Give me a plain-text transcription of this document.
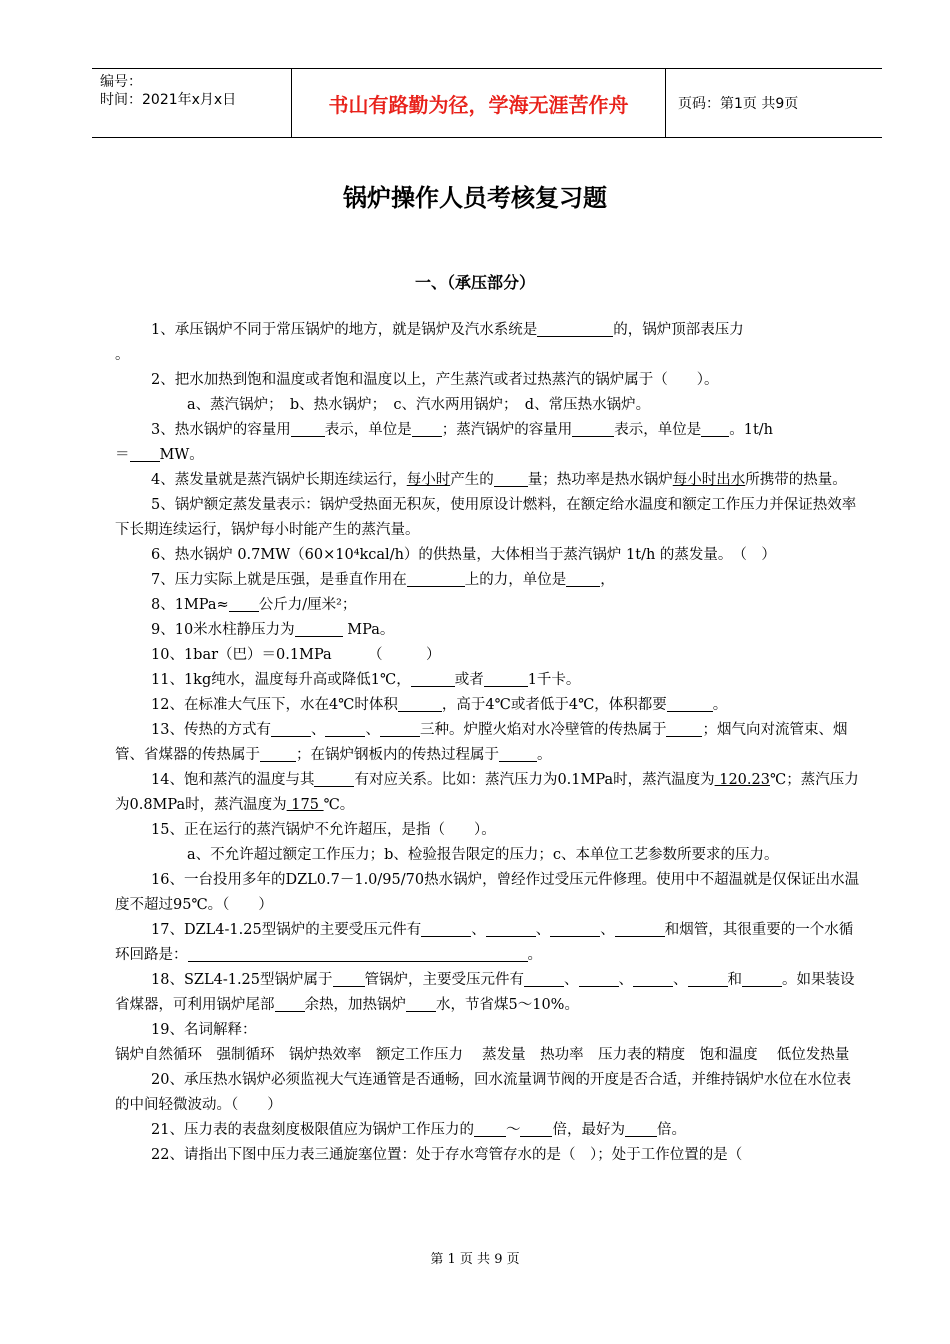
编号：
时间：2021年x月x日	书山有路勤为径，学海无涯苦作舟	页码：第1页 共9页
锅炉操作人员考核复习题
一、（承压部分）

1、承压锅炉不同于常压锅炉的地方，就是锅炉及汽水系统是	的，锅炉顶部表压力

。

2、把水加热到饱和温度或者饱和温度以上，产生蒸汽或者过热蒸汽的锅炉属于（　　）。

a、蒸汽锅炉；　b、热水锅炉；　c、汽水两用锅炉；　d、常压热水锅炉。

3、热水锅炉的容量用 表示，单位是 ；蒸汽锅炉的容量用	表示，单位是 。1t/h

＝ MW。

4、蒸发量就是蒸汽锅炉长期连续运行，每小时产生的 量；热功率是热水锅炉每小时出水所携带的热量。

5、锅炉额定蒸发量表示：锅炉受热面无积灰，使用原设计燃料，在额定给水温度和额定工作压力并保证热效率下长期连续运行，锅炉每小时能产生的蒸汽量。

6、热水锅炉 0.7MW（60×10⁴kcal/h）的供热量，大体相当于蒸汽锅炉 1t/h 的蒸发量。　（　）

7、压力实际上就是压强，是垂直作用在	上的力，单位是 ，

8、1MPa≈ 公斤力/厘米²；

9、10米水柱静压力为	MPa。

10、1bar（巴）＝0.1MPa　　　（　　　）

11、1kg纯水，温度每升高或降低1℃，	或者	1千卡。

12、在标准大气压下，水在4℃时体积	，高于4℃或者低于4℃，体积都要	。

13、传热的方式有	、	、	三种。炉膛火焰对水冷壁管的传热属于 ；烟气向对流管束、烟管、省煤器的传热属于 ；在锅炉钢板内的传热过程属于	。

14、饱和蒸汽的温度与其	有对应关系。比如：蒸汽压力为0.1MPa时，蒸汽温度为 120.23℃；蒸汽压力为0.8MPa时，蒸汽温度为 175 ℃。

15、正在运行的蒸汽锅炉不允许超压，是指（　　）。

a、不允许超过额定工作压力；b、检验报告限定的压力；c、本单位工艺参数所要求的压力。

16、一台投用多年的DZL0.7－1.0/95/70热水锅炉，曾经作过受压元件修理。使用中不超温就是仅保证出水温度不超过95℃。（　　）

17、DZL4-1.25型锅炉的主要受压元件有	、	、	、	和烟管，其很重要的一个水循环回路是：	。

18、SZL4-1.25型锅炉属于 管锅炉，主要受压元件有	、	、	、	和	。如果装设省煤器，可利用锅炉尾部 余热，加热锅炉 水，节省煤5～10%。

19、名词解释：

锅炉自然循环　强制循环　锅炉热效率　额定工作压力　 蒸发量　热功率　压力表的精度　饱和温度　 低位发热量

20、承压热水锅炉必须监视大气连通管是否通畅，回水流量调节阀的开度是否合适，并维持锅炉水位在水位表的中间轻微波动。（　　）

21、压力表的表盘刻度极限值应为锅炉工作压力的 ～ 倍，最好为 倍。

22、请指出下图中压力表三通旋塞位置：处于存水弯管存水的是（　）；处于工作位置的是（

第 1 页 共 9 页
